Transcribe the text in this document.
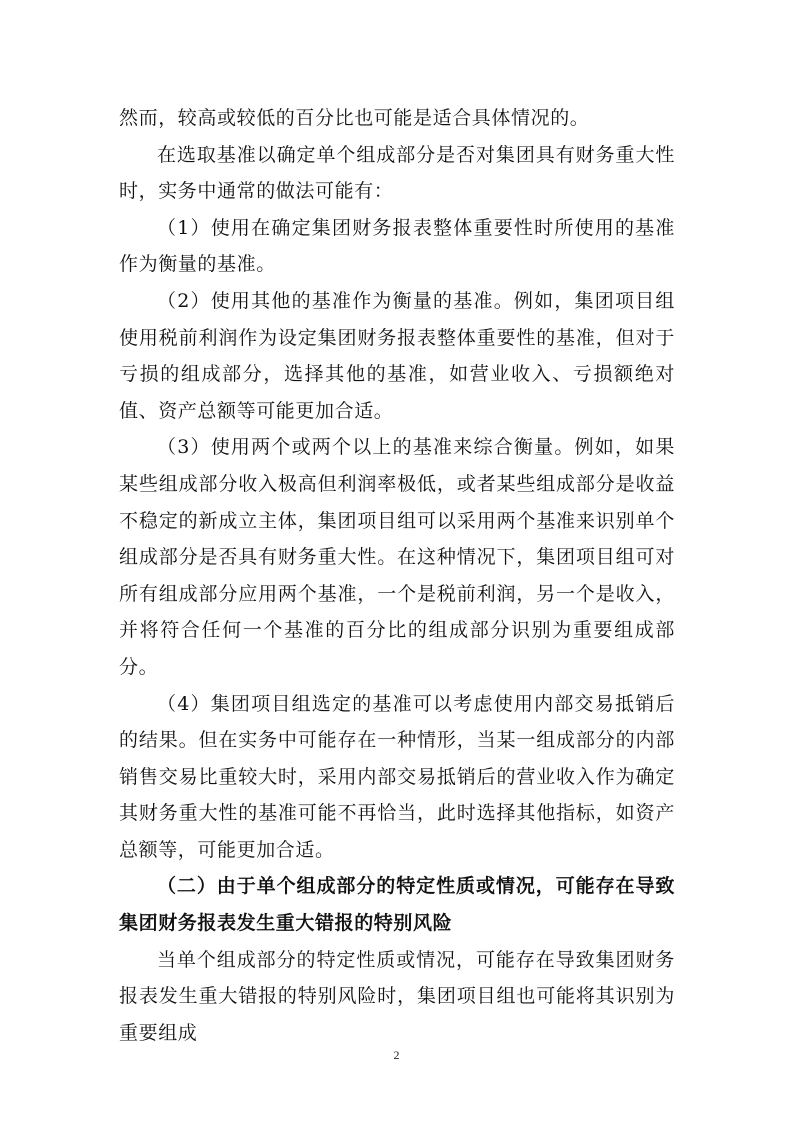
然而，较高或较低的百分比也可能是适合具体情况的。

在选取基准以确定单个组成部分是否对集团具有财务重大性时，实务中通常的做法可能有：

（1）使用在确定集团财务报表整体重要性时所使用的基准作为衡量的基准。

（2）使用其他的基准作为衡量的基准。例如，集团项目组使用税前利润作为设定集团财务报表整体重要性的基准，但对于亏损的组成部分，选择其他的基准，如营业收入、亏损额绝对值、资产总额等可能更加合适。

（3）使用两个或两个以上的基准来综合衡量。例如，如果某些组成部分收入极高但利润率极低，或者某些组成部分是收益不稳定的新成立主体，集团项目组可以采用两个基准来识别单个组成部分是否具有财务重大性。在这种情况下，集团项目组可对所有组成部分应用两个基准，一个是税前利润，另一个是收入，并将符合任何一个基准的百分比的组成部分识别为重要组成部分。

（4）集团项目组选定的基准可以考虑使用内部交易抵销后的结果。但在实务中可能存在一种情形，当某一组成部分的内部销售交易比重较大时，采用内部交易抵销后的营业收入作为确定其财务重大性的基准可能不再恰当，此时选择其他指标，如资产总额等，可能更加合适。

（二）由于单个组成部分的特定性质或情况，可能存在导致集团财务报表发生重大错报的特别风险

当单个组成部分的特定性质或情况，可能存在导致集团财务报表发生重大错报的特别风险时，集团项目组也可能将其识别为重要组成

2
